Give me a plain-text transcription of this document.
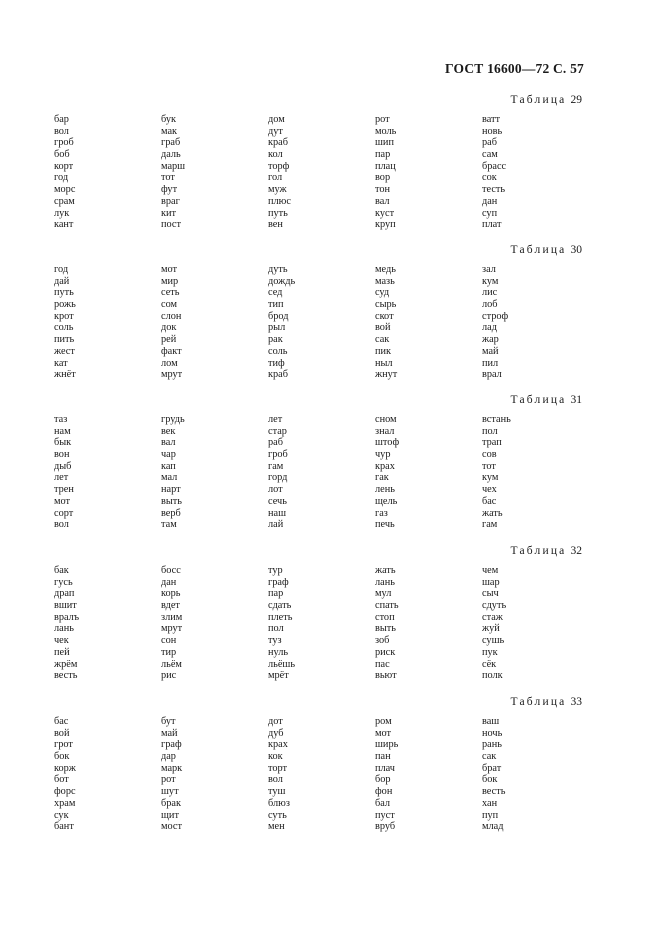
ГОСТ 16600—72 С. 57
Таблица 29
бар	бук	дом	рот	ватт
вол	мак	дут	моль	новь
гроб	граб	краб	шип	раб
боб	даль	кол	пар	сам
корт	марш	торф	плац	брасс
год	тот	гол	вор	сок
морс	фут	муж	тон	тесть
срам	враг	плюс	вал	дан
лук	кит	путь	куст	суп
кант	пост	вен	круп	плат
Таблица 30
год	мот	дуть	медь	зал
дай	мир	дождь	мазь	кум
путь	сеть	сед	суд	лис
рожь	сом	тип	сырь	лоб
крот	слон	брод	скот	строф
соль	док	рыл	вой	лад
пить	рей	рак	сак	жар
жест	факт	соль	пик	май
кат	лом	тиф	ныл	пил
жнёт	мрут	краб	жнут	врал
Таблица 31
таз	грудь	лет	сном	встань
нам	век	стар	знал	пол
бык	вал	раб	штоф	трап
вон	чар	гроб	чур	сов
дыб	кап	гам	крах	тот
лет	мал	горд	гак	кум
трен	нарт	лот	лень	чех
мот	выть	сечь	щель	бас
сорт	верб	наш	газ	жать
вол	там	лай	печь	гам
Таблица 32
бак	босс	тур	жать	чем
гусь	дан	граф	лань	шар
драп	корь	пар	мул	сыч
вшит	вдет	сдать	спать	сдуть
вралъ	злим	плеть	стоп	стаж
лань	мрут	пол	выть	жуй
чек	сон	туз	зоб	сушь
пей	тир	нуль	риск	пук
жрём	льём	льёшь	пас	сёк
весть	рис	мрёт	вьют	полк
Таблица 33
бас	бут	дот	ром	ваш
вой	май	дуб	мот	ночь
грот	граф	крах	ширь	рань
бок	дар	кок	пан	сак
корж	марк	торт	плач	брат
бот	рот	вол	бор	бок
форс	шут	туш	фон	весть
храм	брак	блюз	бал	хан
сук	щит	суть	пуст	пуп
бант	мост	мен	вруб	млад
